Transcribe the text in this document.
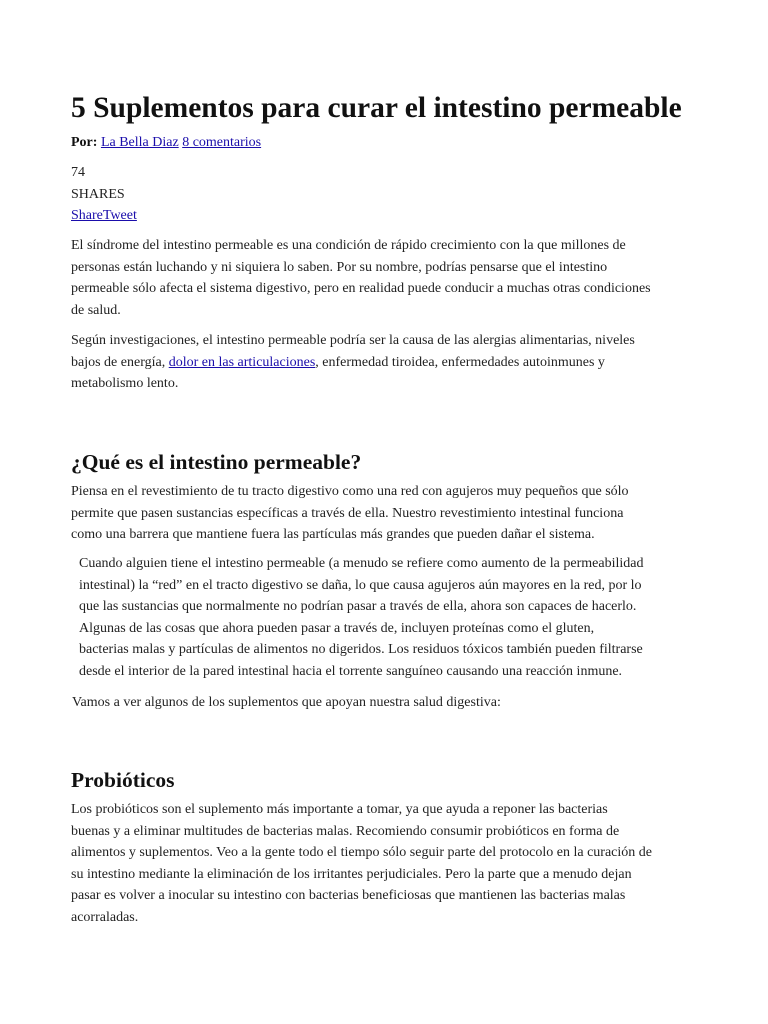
5 Suplementos para curar el intestino permeable
Por: La Bella Diaz 8 comentarios
74
SHARES
ShareTweet

El síndrome del intestino permeable es una condición de rápido crecimiento con la que millones de
personas están luchando y ni siquiera lo saben. Por su nombre, podrías pensarse que el intestino
permeable sólo afecta el sistema digestivo, pero en realidad puede conducir a muchas otras condiciones
de salud.

Según investigaciones, el intestino permeable podría ser la causa de las alergias alimentarias, niveles
bajos de energía, dolor en las articulaciones, enfermedad tiroidea, enfermedades autoinmunes y
metabolismo lento.

¿Qué es el intestino permeable?

Piensa en el revestimiento de tu tracto digestivo como una red con agujeros muy pequeños que sólo
permite que pasen sustancias específicas a través de ella. Nuestro revestimiento intestinal funciona
como una barrera que mantiene fuera las partículas más grandes que pueden dañar el sistema.

Cuando alguien tiene el intestino permeable (a menudo se refiere como aumento de la permeabilidad
intestinal) la “red” en el tracto digestivo se daña, lo que causa agujeros aún mayores en la red, por lo
que las sustancias que normalmente no podrían pasar a través de ella, ahora son capaces de hacerlo.
Algunas de las cosas que ahora pueden pasar a través de, incluyen proteínas como el gluten,
bacterias malas y partículas de alimentos no digeridos. Los residuos tóxicos también pueden filtrarse
desde el interior de la pared intestinal hacia el torrente sanguíneo causando una reacción inmune.

Vamos a ver algunos de los suplementos que apoyan nuestra salud digestiva:

Probióticos

Los probióticos son el suplemento más importante a tomar, ya que ayuda a reponer las bacterias
buenas y a eliminar multitudes de bacterias malas. Recomiendo consumir probióticos en forma de
alimentos y suplementos. Veo a la gente todo el tiempo sólo seguir parte del protocolo en la curación de
su intestino mediante la eliminación de los irritantes perjudiciales. Pero la parte que a menudo dejan
pasar es volver a inocular su intestino con bacterias beneficiosas que mantienen las bacterias malas
acorraladas.
